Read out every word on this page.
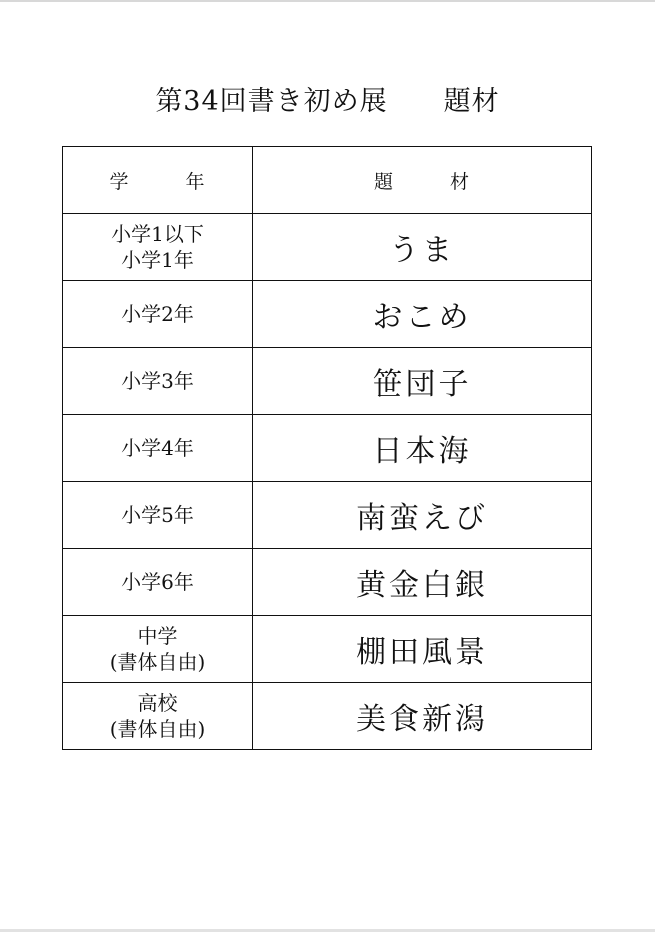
第34回書き初め展　　題材
学 年	題 材

小学1以下
小学1年	うま

小学2年	おこめ

小学3年	笹団子

小学4年	日本海

小学5年	南蛮えび

小学6年	黄金白銀

中学
(書体自由)	棚田風景

高校
(書体自由)	美食新潟
